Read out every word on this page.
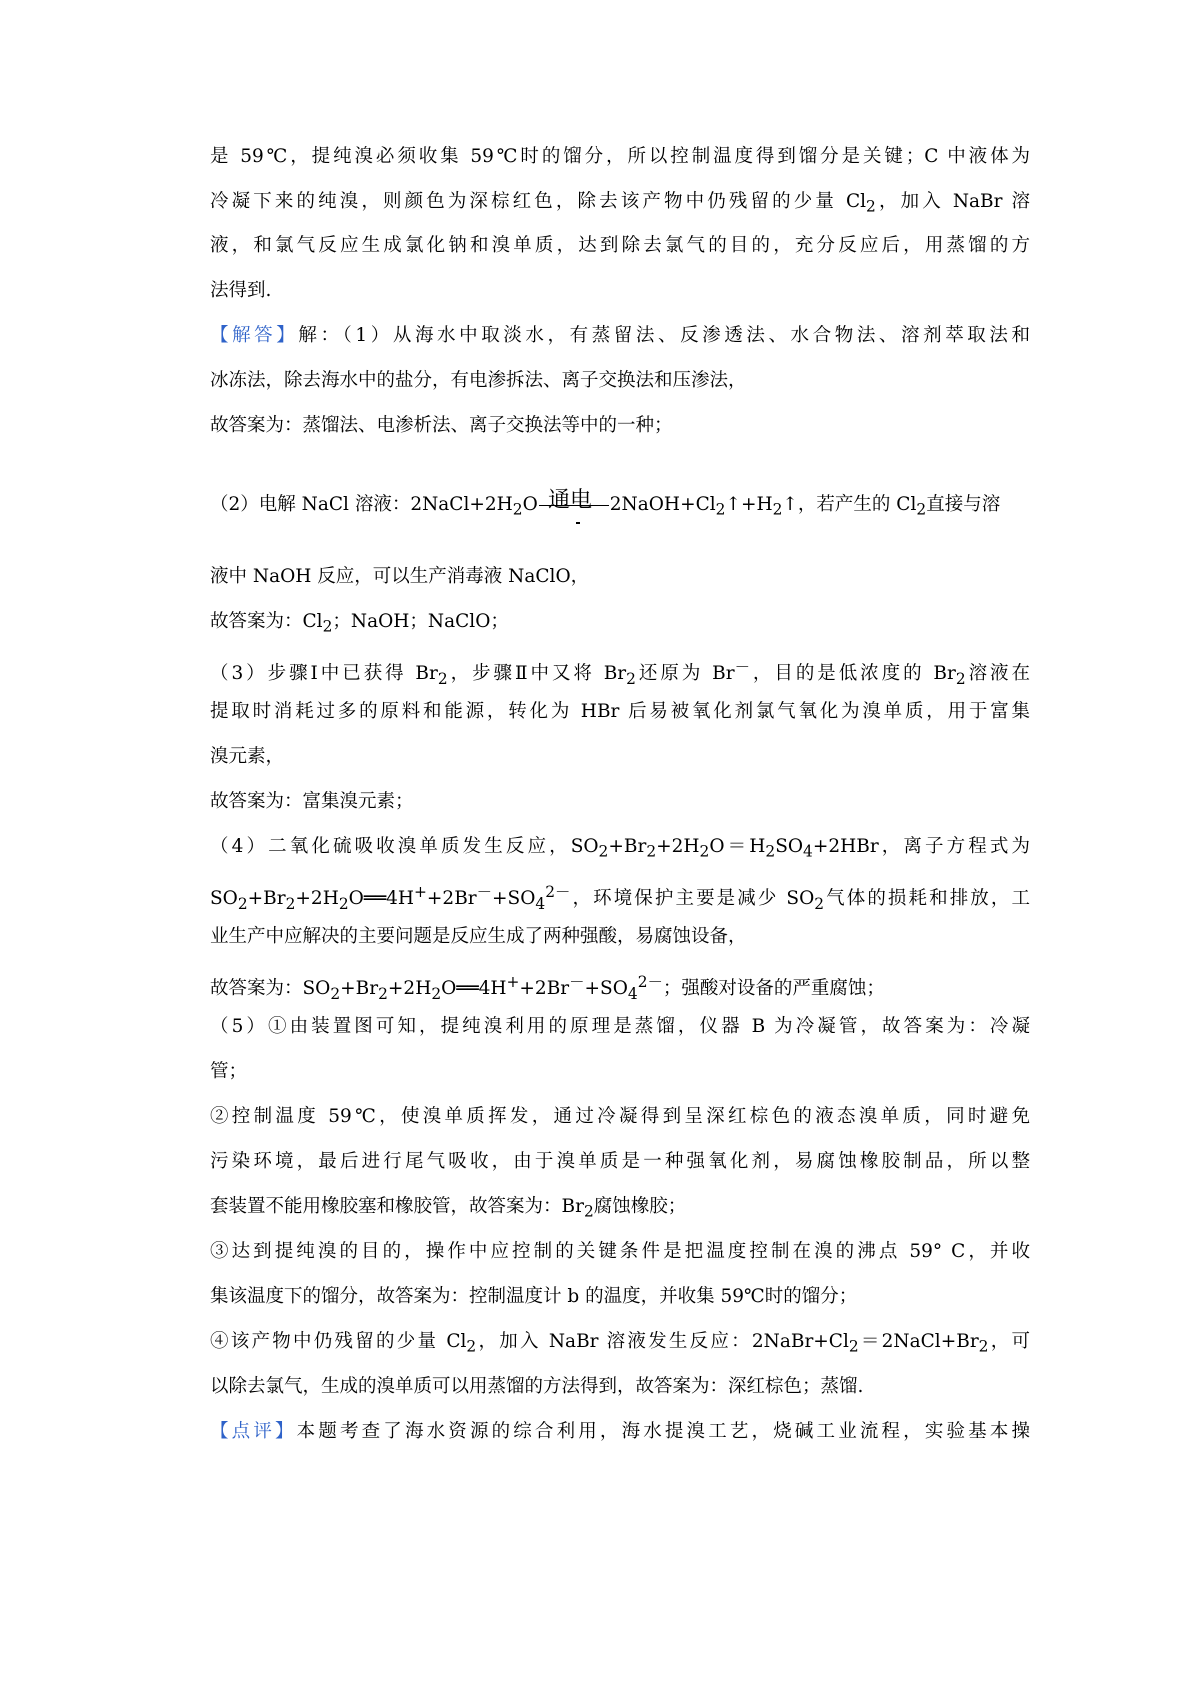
是 59℃，提纯溴必须收集 59℃时的馏分，所以控制温度得到馏分是关键；C 中液体为
冷凝下来的纯溴，则颜色为深棕红色，除去该产物中仍残留的少量 $Cl_2$，加入 NaBr 溶
液，和氯气反应生成氯化钠和溴单质，达到除去氯气的目的，充分反应后，用蒸馏的方
法得到.
【解答】解：（1）从海水中取淡水，有蒸留法、反渗透法、水合物法、溶剂萃取法和
冰冻法，除去海水中的盐分，有电渗拆法、离子交换法和压渗法，
故答案为：蒸馏法、电渗析法、离子交换法等中的一种；
通电
（2）电解 NaCl 溶液：$2NaCl+2H_2O$	$2NaOH+Cl_2↑+H_2↑$，若产生的 $Cl_2$直接与溶
液中 NaOH 反应，可以生产消毒液 NaClO，
故答案为：$Cl_2$；NaOH；NaClO；
（3）步骤Ⅰ中已获得 $Br_2$，步骤Ⅱ中又将 $Br_2$还原为 Br－，目的是低浓度的 $Br_2$溶液在
提取时消耗过多的原料和能源，转化为 HBr 后易被氧化剂氯气氧化为溴单质，用于富集
溴元素，
故答案为：富集溴元素；
（4）二氧化硫吸收溴单质发生反应，$SO_2+Br_2+2H_2O=H_2SO_4+2HBr$，离子方程式为
$SO_2+Br_2+2H_2O══4H^++2Br^-+SO_4^{2-}$，环境保护主要是减少 $SO_2$气体的损耗和排放，工
业生产中应解决的主要问题是反应生成了两种强酸，易腐蚀设备，
故答案为：$SO_2+Br_2+2H_2O══4H^++2Br^-+SO_4^{2-}$；强酸对设备的严重腐蚀；
（5）①由装置图可知，提纯溴利用的原理是蒸馏，仪器 B 为冷凝管，故答案为：冷凝
管；
②控制温度 59℃，使溴单质挥发，通过冷凝得到呈深红棕色的液态溴单质，同时避免
污染环境，最后进行尾气吸收，由于溴单质是一种强氧化剂，易腐蚀橡胶制品，所以整
套装置不能用橡胶塞和橡胶管，故答案为：$Br_2$腐蚀橡胶；
③达到提纯溴的目的，操作中应控制的关键条件是把温度控制在溴的沸点 59° C，并收
集该温度下的馏分，故答案为：控制温度计 b 的温度，并收集 59℃时的馏分；
④该产物中仍残留的少量 $Cl_2$，加入 NaBr 溶液发生反应：$2NaBr+Cl_2=2NaCl+Br_2$，可
以除去氯气，生成的溴单质可以用蒸馏的方法得到，故答案为：深红棕色；蒸馏.
【点评】本题考查了海水资源的综合利用，海水提溴工艺，烧碱工业流程，实验基本操
